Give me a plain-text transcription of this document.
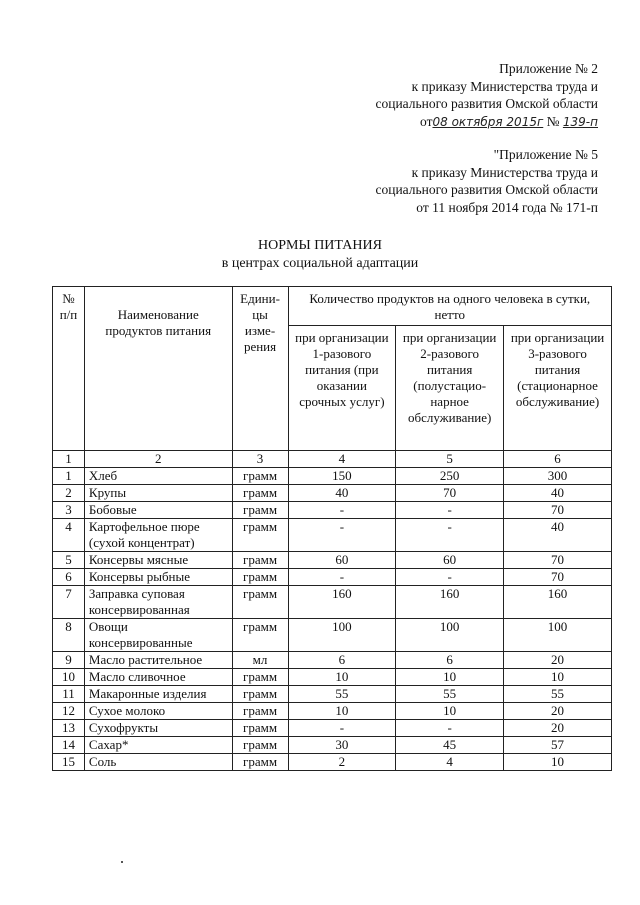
Приложение № 2
к приказу Министерства труда и
социального развития Омской области
от08 октября 2015г № 139-п
"Приложение № 5
к приказу Министерства труда и
социального развития Омской области
от 11 ноября 2014 года № 171-п
НОРМЫ ПИТАНИЯ
в центрах социальной адаптации
№ п/п	Наименование продуктов питания	Едини- цы изме- рения	Количество продуктов на одного человека в сутки, нетто		
			при организации 1-разового питания (при оказании срочных услуг)	при организации 2-разового питания (полустацио- нарное обслуживание)	при организации 3-разового питания (стационарное обслуживание)
1	2	3	4	5	6
1	Хлеб	грамм	150	250	300
2	Крупы	грамм	40	70	40
3	Бобовые	грамм	-	-	70
4	Картофельное пюре (сухой концентрат)	грамм	-	-	40
5	Консервы мясные	грамм	60	60	70
6	Консервы рыбные	грамм	-	-	70
7	Заправка суповая консервированная	грамм	160	160	160
8	Овощи консервированные	грамм	100	100	100
9	Масло растительное	мл	6	6	20
10	Масло сливочное	грамм	10	10	10
11	Макаронные изделия	грамм	55	55	55
12	Сухое молоко	грамм	10	10	20
13	Сухофрукты	грамм	-	-	20
14	Сахар*	грамм	30	45	57
15	Соль	грамм	2	4	10
